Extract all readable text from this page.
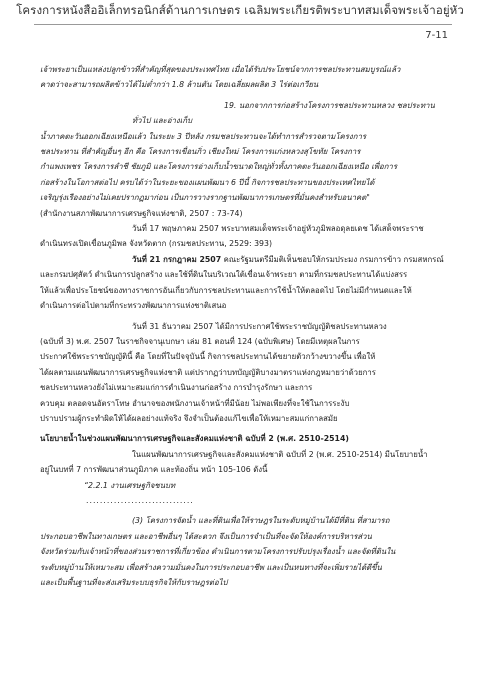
โครงการหนังสืออิเล็กทรอนิกส์ด้านการเกษตร เฉลิมพระเกียรติพระบาทสมเด็จพระเจ้าอยู่หัว
7-11

เจ้าพระยาเป็นแหล่งปลูกข้าวที่สำคัญที่สุดของประเทศไทย เมื่อได้รับประโยชน์จากการชลประทานสมบูรณ์แล้ว
คาดว่าจะสามารถผลิตข้าวได้ไม่ต่ำกว่า 1.8 ล้านตัน โดยเฉลี่ยผลผลิต 3 ไร่ต่อเกวียน

19. นอกจากการก่อสร้างโครงการชลประทานหลวง ชลประทานทั่วไป และอ่างเก็บ
น้ำภาคตะวันออกเฉียงเหนือแล้ว ในระยะ 3 ปีหลัง กรมชลประทานจะได้ทำการสำรวจตามโครงการ
ชลประทาน ที่สำคัญอื่นๆ อีก คือ โครงการเขื่อนกิ่ว เชียงใหม่ โครงการแก่งหลวงสุโขทัย โครงการ
กำแพงเพชร โครงการลำชี ชัยภูมิ และโครงการอ่างเก็บน้ำขนาดใหญ่ทั่วทั้งภาคตะวันออกเฉียงเหนือ เพื่อการ
ก่อสร้างในโอกาสต่อไป ครบได้ว่าในระยะของแผนพัฒนา 6 ปีนี้ กิจการชลประทานของประเทศไทยได้
เจริญรุ่งเรืองอย่างไม่เคยปรากฏมาก่อน เป็นการวางรากฐานพัฒนาการเกษตรที่มั่นคงสำหรับอนาคต"

(สำนักงานสภาพัฒนาการเศรษฐกิจแห่งชาติ, 2507 : 73-74)

วันที่ 17 พฤษภาคม 2507 พระบาทสมเด็จพระเจ้าอยู่หัวภูมิพลอดุลยเดช ได้เสด็จพระราช
ดำเนินทรงเปิดเขื่อนภูมิพล จังหวัดตาก (กรมชลประทาน, 2529: 393)

วันที่ 21 กรกฎาคม 2507 คณะรัฐมนตรีมีมติเห็นชอบให้กรมประมง กรมการข้าว กรมสหกรณ์
และกรมปศุสัตว์ ดำเนินการปลูกสร้าง และใช้ที่ดินในบริเวณใต้เขื่อนเจ้าพระยา ตามที่กรมชลประทานได้แบ่งสรร
ให้แล้วเพื่อประโยชน์ของทางราชการอันเกี่ยวกับการชลประทานและการใช้น้ำให้ตลอดไป โดยไม่มีกำหนดและให้
ดำเนินการต่อไปตามที่กระทรวงพัฒนาการแห่งชาติเสนอ

วันที่ 31 ธันวาคม 2507 ได้มีการประกาศใช้พระราชบัญญัติชลประทานหลวง
(ฉบับที่ 3) พ.ศ. 2507 ในราชกิจจานุเบกษา เล่ม 81 ตอนที่ 124 (ฉบับพิเศษ) โดยมีเหตุผลในการ
ประกาศใช้พระราชบัญญัตินี้ คือ โดยที่ในปัจจุบันนี้ กิจการชลประทานได้ขยายตัวกว้างขวางขึ้น เพื่อให้
ได้ผลตามแผนพัฒนาการเศรษฐกิจแห่งชาติ แต่ปรากฏว่าบทบัญญัติบางมาตราแห่งกฎหมายว่าด้วยการ
ชลประทานหลวงยังไม่เหมาะสมแก่การดำเนินงานก่อสร้าง การบำรุงรักษา และการ
ควบคุม ตลอดจนอัตราโทษ อำนาจของพนักงานเจ้าหน้าที่มีน้อย ไม่พอเพียงที่จะใช้ในการระงับ
ปราบปรามผู้กระทำผิดให้ได้ผลอย่างแท้จริง จึงจำเป็นต้องแก้ไขเพื่อให้เหมาะสมแก่กาลสมัย

นโยบายน้ำในช่วงแผนพัฒนาการเศรษฐกิจและสังคมแห่งชาติ ฉบับที่ 2 (พ.ศ. 2510-2514)

ในแผนพัฒนาการเศรษฐกิจและสังคมแห่งชาติ ฉบับที่ 2 (พ.ศ. 2510-2514) มีนโยบายน้ำ
อยู่ในบทที่ 7 การพัฒนาส่วนภูมิภาค และท้องถิ่น หน้า 105-106 ดังนี้

“2.2.1 งานเศรษฐกิจชนบท

...............................

(3) โครงการจัดน้ำ และที่ดินเพื่อให้ราษฎรในระดับหมู่บ้านได้มีที่ดิน ที่สามารถ
ประกอบอาชีพในทางเกษตร และอาชีพอื่นๆ ได้สะดวก จึงเป็นการจำเป็นที่จะจัดให้องค์การบริหารส่วน
จังหวัดร่วมกับเจ้าหน้าที่ของส่วนราชการที่เกี่ยวข้อง ดำเนินการตามโครงการปรับปรุงเรื่องน้ำ และจัดที่ดินใน
ระดับหมู่บ้านให้เหมาะสม เพื่อสร้างความมั่นคงในการประกอบอาชีพ และเป็นหนทางที่จะเพิ่มรายได้ดีขึ้น
และเป็นพื้นฐานที่จะส่งเสริมระบบธุรกิจให้กับราษฎรต่อไป
